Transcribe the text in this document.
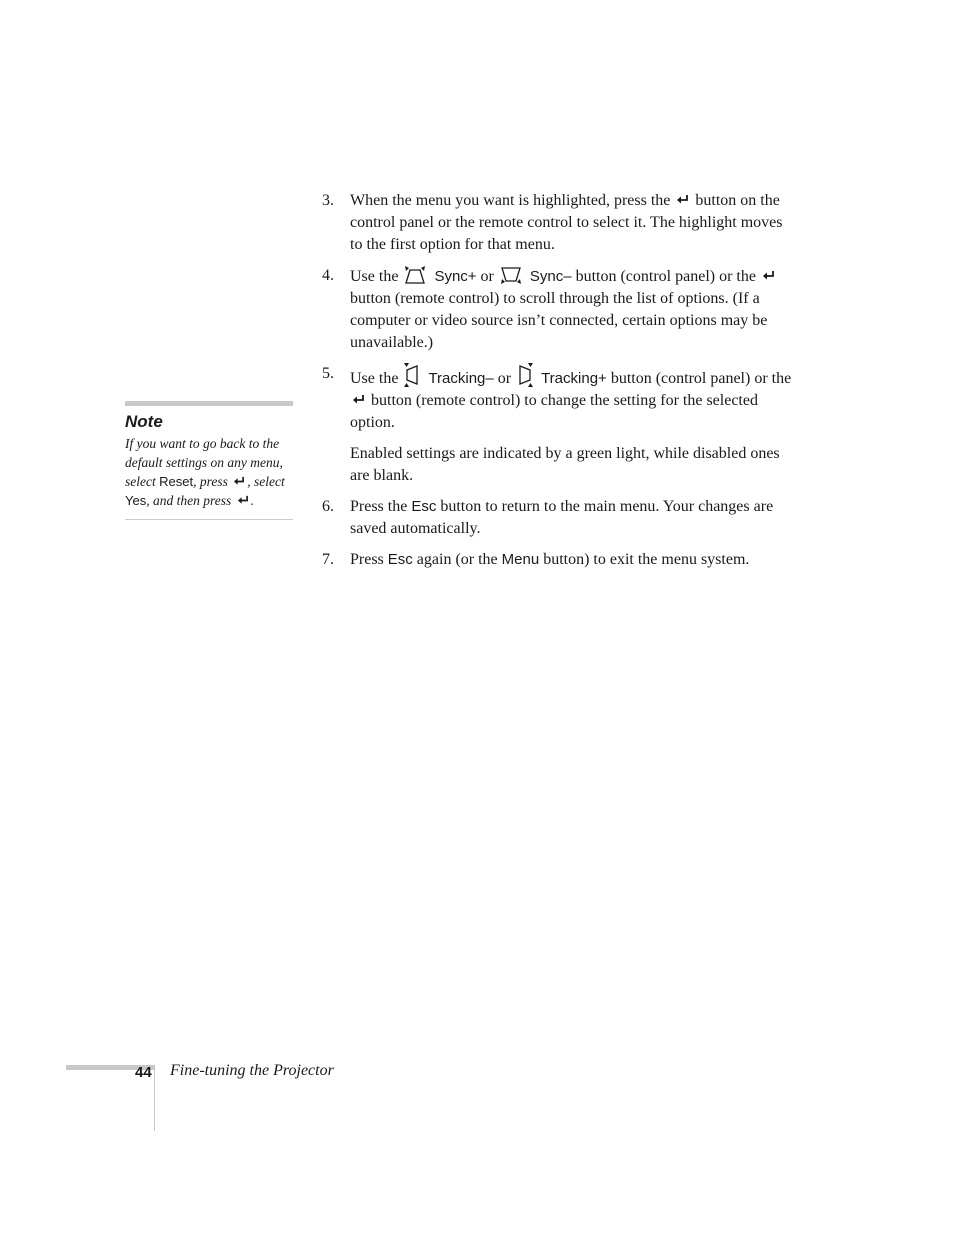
3. When the menu you want is highlighted, press the button on the control panel or the remote control to select it. The highlight moves to the first option for that menu.
4. Use the Sync+ or Sync– button (control panel) or the  button (remote control) to scroll through the list of options. (If a computer or video source isn’t connected, certain options may be unavailable.)
5. Use the Tracking– or Tracking+ button (control panel) or the  button (remote control) to change the setting for the selected option.

Enabled settings are indicated by a green light, while disabled ones are blank.

6. Press the Esc button to return to the main menu. Your changes are saved automatically.
7. Press Esc again (or the Menu button) to exit the menu system.
Note
If you want to go back to the default settings on any menu, select Reset, press , select Yes, and then press .
44 Fine-tuning the Projector
